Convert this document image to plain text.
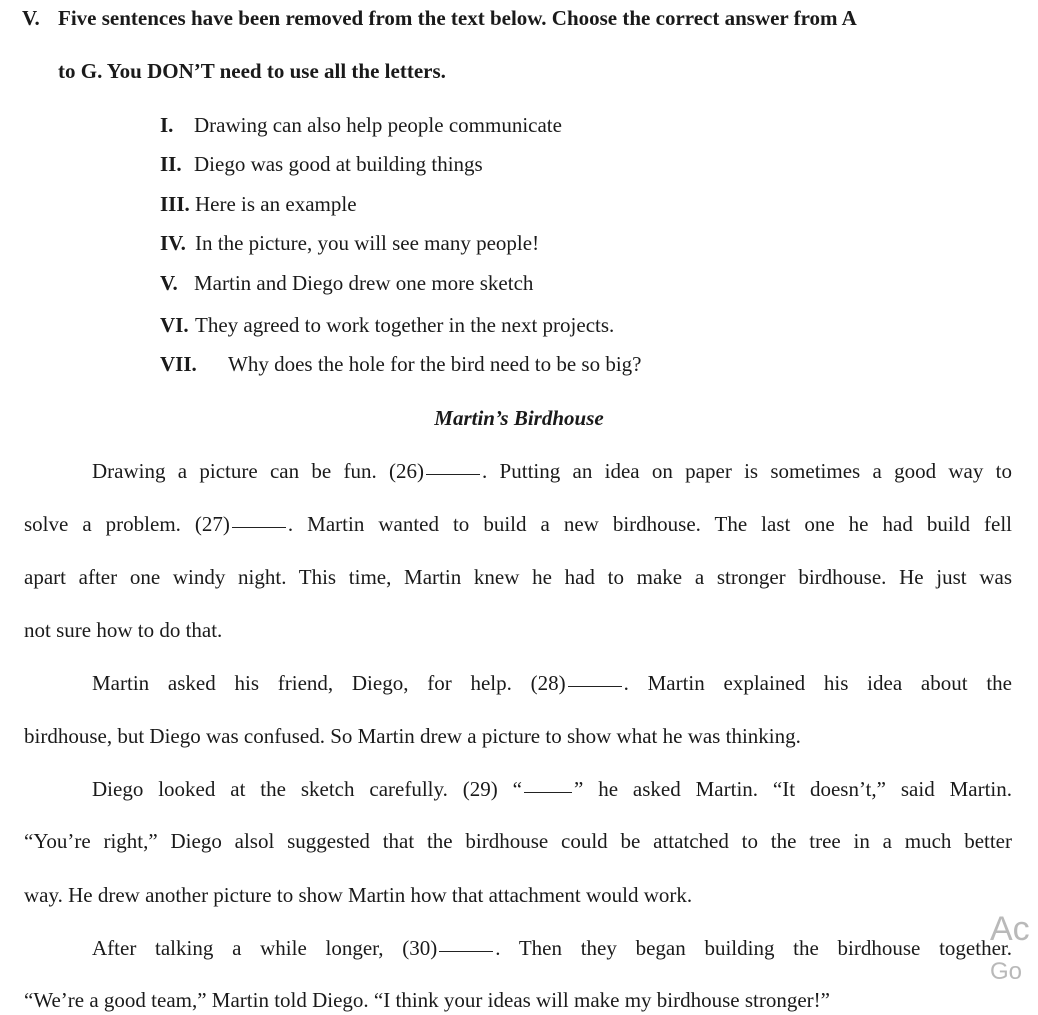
V. Five sentences have been removed from the text below. Choose the correct answer from A
to G. You DON’T need to use all the letters.
I. Drawing can also help people communicate
II. Diego was good at building things
III. Here is an example
IV. In the picture, you will see many people!
V. Martin and Diego drew one more sketch
VI. They agreed to work together in the next projects.
VII. Why does the hole for the bird need to be so big?
Martin’s Birdhouse
Drawing a picture can be fun. (26)	. Putting an idea on paper is sometimes a good way to
solve a problem. (27)	. Martin wanted to build a new birdhouse. The last one he had build fell
apart after one windy night. This time, Martin knew he had to make a stronger birdhouse. He just was
not sure how to do that.
Martin asked his friend, Diego, for help. (28)	. Martin explained his idea about the
birdhouse, but Diego was confused. So Martin drew a picture to show what he was thinking.
Diego looked at the sketch carefully. (29) “ ” he asked Martin. “It doesn’t,” said Martin.
“You’re right,” Diego alsol suggested that the birdhouse could be attatched to the tree in a much better
way. He drew another picture to show Martin how that attachment would work.
After talking a while longer, (30)	. Then they began building the birdhouse together.
“We’re a good team,” Martin told Diego. “I think your ideas will make my birdhouse stronger!”
Ac
Go
